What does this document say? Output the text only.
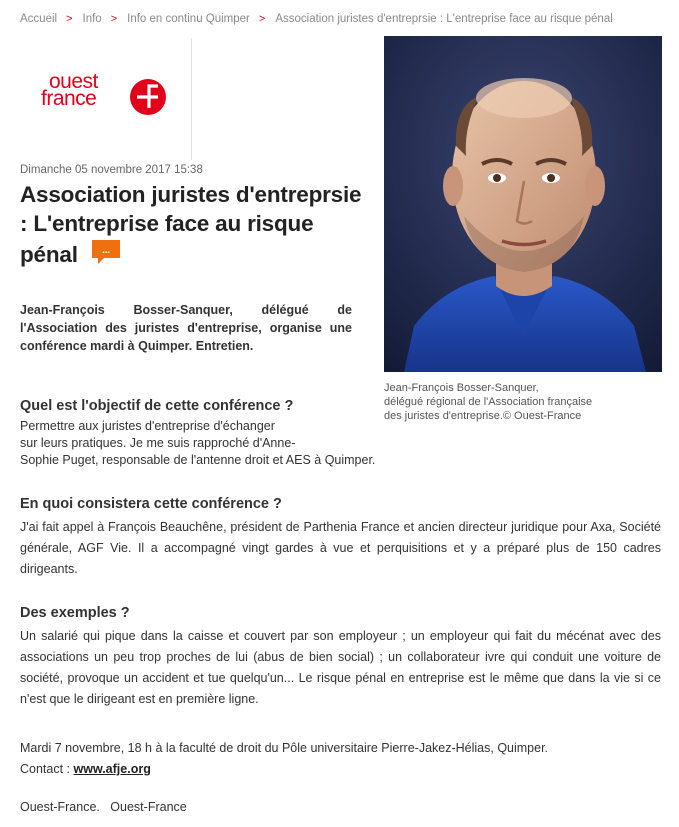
Accueil > Info > Info en continu Quimper > Association juristes d'entreprsie : L'entreprise face au risque pénal
ouest
france
Jean-François Bosser-Sanquer,
délégué régional de l'Association française
des juristes d'entreprise.© Ouest-France
Dimanche 05 novembre 2017 15:38
Association juristes d'entreprsie : L'entreprise face au risque pénal ...

Jean-François Bosser-Sanquer, délégué de l'Association des juristes d'entreprise, organise une conférence mardi à Quimper. Entretien.

Quel est l'objectif de cette conférence ?
Permettre aux juristes d'entreprise d'échanger
sur leurs pratiques. Je me suis rapproché d'Anne-
Sophie Puget, responsable de l'antenne droit et AES à Quimper.
En quoi consistera cette conférence ?

J'ai fait appel à François Beauchêne, président de Parthenia France et ancien directeur juridique pour Axa, Société générale, AGF Vie. Il a accompagné vingt gardes à vue et perquisitions et y a préparé plus de 150 cadres dirigeants.

Des exemples ?

Un salarié qui pique dans la caisse et couvert par son employeur ; un employeur qui fait du mécénat avec des associations un peu trop proches de lui (abus de bien social) ; un collaborateur ivre qui conduit une voiture de société, provoque un accident et tue quelqu'un... Le risque pénal en entreprise est le même que dans la vie si ce n'est que le dirigeant est en première ligne.

Mardi 7 novembre, 18 h à la faculté de droit du Pôle universitaire Pierre-Jakez-Hélias, Quimper.
Contact : www.afje.org

Ouest-France.   Ouest-France
